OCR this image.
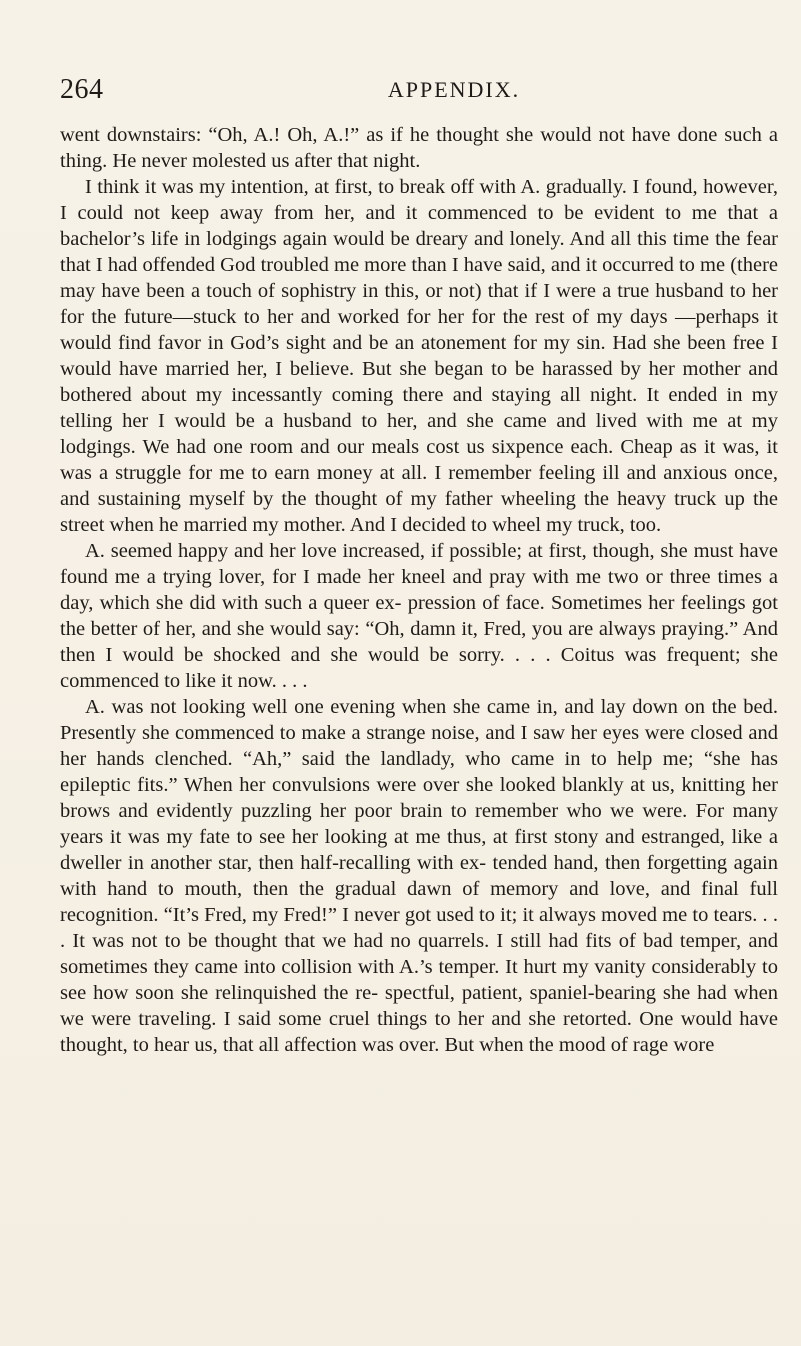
264	APPENDIX.

went downstairs: “Oh, A.! Oh, A.!” as if he thought she would not have done such a thing. He never molested us after that night.

I think it was my intention, at first, to break off with A. gradually. I found, however, I could not keep away from her, and it commenced to be evident to me that a bachelor’s life in lodgings again would be dreary and lonely. And all this time the fear that I had offended God troubled me more than I have said, and it occurred to me (there may have been a touch of sophistry in this, or not) that if I were a true husband to her for the future—stuck to her and worked for her for the rest of my days —perhaps it would find favor in God’s sight and be an atonement for my sin. Had she been free I would have married her, I believe. But she began to be harassed by her mother and bothered about my incessantly coming there and staying all night. It ended in my telling her I would be a husband to her, and she came and lived with me at my lodgings. We had one room and our meals cost us sixpence each. Cheap as it was, it was a struggle for me to earn money at all. I remember feeling ill and anxious once, and sustaining myself by the thought of my father wheeling the heavy truck up the street when he married my mother. And I decided to wheel my truck, too.

A. seemed happy and her love increased, if possible; at first, though, she must have found me a trying lover, for I made her kneel and pray with me two or three times a day, which she did with such a queer ex- pression of face. Sometimes her feelings got the better of her, and she would say: “Oh, damn it, Fred, you are always praying.” And then I would be shocked and she would be sorry. . . . Coitus was frequent; she commenced to like it now. . . .

A. was not looking well one evening when she came in, and lay down on the bed. Presently she commenced to make a strange noise, and I saw her eyes were closed and her hands clenched. “Ah,” said the landlady, who came in to help me; “she has epileptic fits.” When her convulsions were over she looked blankly at us, knitting her brows and evidently puzzling her poor brain to remember who we were. For many years it was my fate to see her looking at me thus, at first stony and estranged, like a dweller in another star, then half-recalling with ex- tended hand, then forgetting again with hand to mouth, then the gradual dawn of memory and love, and final full recognition. “It’s Fred, my Fred!” I never got used to it; it always moved me to tears. . . . It was not to be thought that we had no quarrels. I still had fits of bad temper, and sometimes they came into collision with A.’s temper. It hurt my vanity considerably to see how soon she relinquished the re- spectful, patient, spaniel-bearing she had when we were traveling. I said some cruel things to her and she retorted. One would have thought, to hear us, that all affection was over. But when the mood of rage wore
